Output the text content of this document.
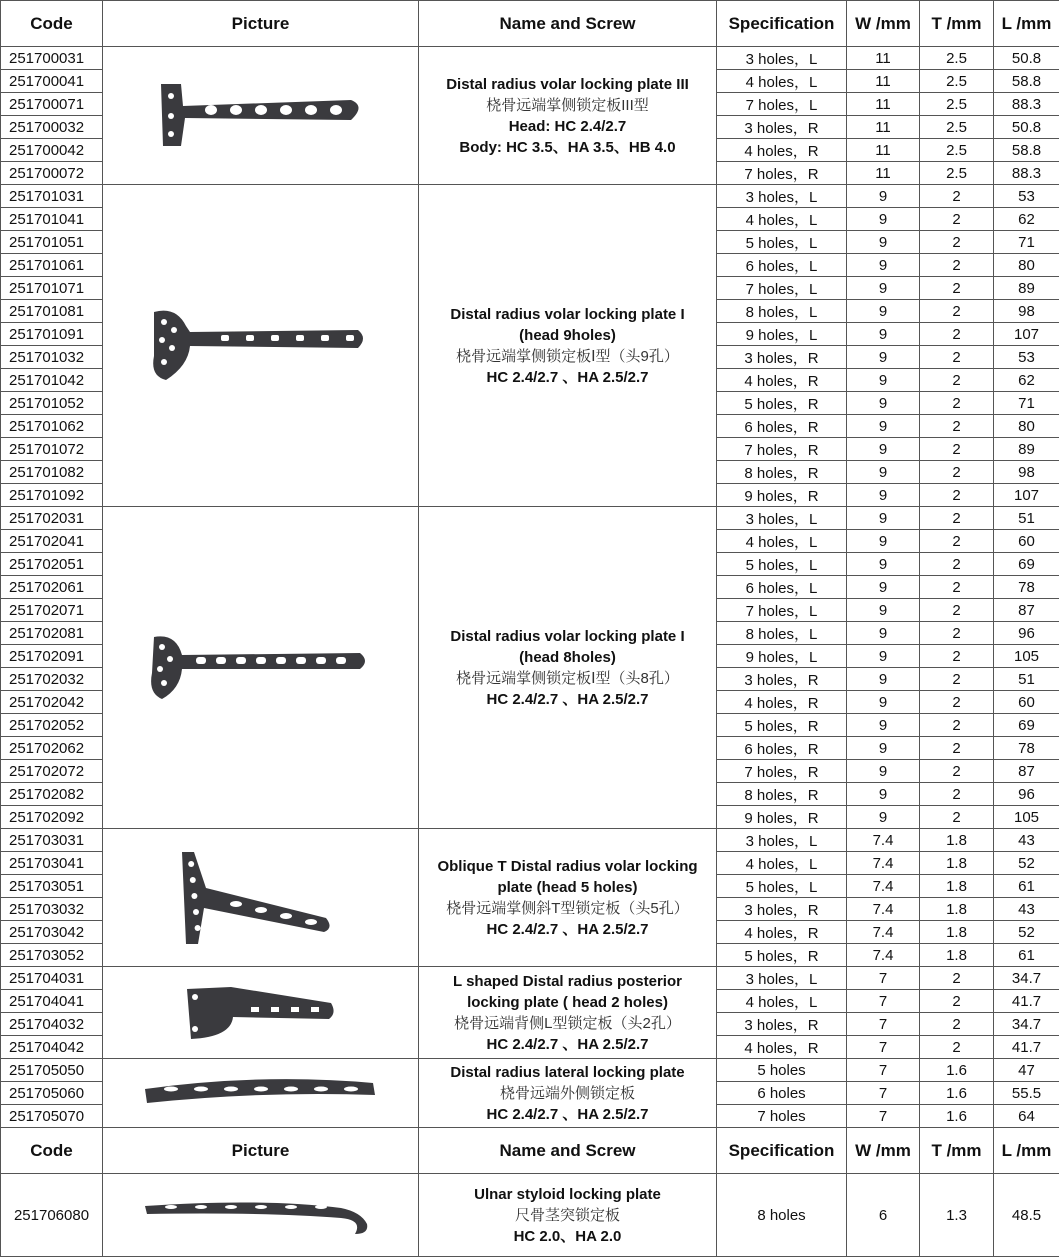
Code	Picture	Name and Screw	Specification	W /mm	T /mm	L /mm
251700031		Distal radius volar locking plate III
桡骨远端掌侧锁定板III型
Head: HC 2.4/2.7
Body: HC 3.5、HA 3.5、HB 4.0	3 holes，L	11	2.5	50.8
251700041			4 holes，L	11	2.5	58.8
251700071			7 holes，L	11	2.5	88.3
251700032			3 holes，R	11	2.5	50.8
251700042			4 holes，R	11	2.5	58.8
251700072			7 holes，R	11	2.5	88.3
251701031		Distal radius volar locking plate I
(head 9holes)
桡骨远端掌侧锁定板Ⅰ型（头9孔）
HC 2.4/2.7 、HA 2.5/2.7	3 holes，L	9	2	53
251701041			4 holes，L	9	2	62
251701051			5 holes，L	9	2	71
251701061			6 holes，L	9	2	80
251701071			7 holes，L	9	2	89
251701081			8 holes，L	9	2	98
251701091			9 holes，L	9	2	107
251701032			3 holes，R	9	2	53
251701042			4 holes，R	9	2	62
251701052			5 holes，R	9	2	71
251701062			6 holes，R	9	2	80
251701072			7 holes，R	9	2	89
251701082			8 holes，R	9	2	98
251701092			9 holes，R	9	2	107
251702031		Distal radius volar locking plate I
(head 8holes)
桡骨远端掌侧锁定板Ⅰ型（头8孔）
HC 2.4/2.7 、HA 2.5/2.7	3 holes，L	9	2	51
251702041			4 holes，L	9	2	60
251702051			5 holes，L	9	2	69
251702061			6 holes，L	9	2	78
251702071			7 holes，L	9	2	87
251702081			8 holes，L	9	2	96
251702091			9 holes，L	9	2	105
251702032			3 holes，R	9	2	51
251702042			4 holes，R	9	2	60
251702052			5 holes，R	9	2	69
251702062			6 holes，R	9	2	78
251702072			7 holes，R	9	2	87
251702082			8 holes，R	9	2	96
251702092			9 holes，R	9	2	105
251703031		Oblique T Distal radius volar locking
plate (head 5 holes)
桡骨远端掌侧斜T型锁定板（头5孔）
HC 2.4/2.7 、HA 2.5/2.7	3 holes，L	7.4	1.8	43
251703041			4 holes，L	7.4	1.8	52
251703051			5 holes，L	7.4	1.8	61
251703032			3 holes，R	7.4	1.8	43
251703042			4 holes，R	7.4	1.8	52
251703052			5 holes，R	7.4	1.8	61
251704031		L shaped Distal radius posterior
locking plate ( head 2 holes)
桡骨远端背侧L型锁定板（头2孔）
HC 2.4/2.7 、HA 2.5/2.7	3 holes，L	7	2	34.7
251704041			4 holes，L	7	2	41.7
251704032			3 holes，R	7	2	34.7
251704042			4 holes，R	7	2	41.7
251705050		Distal radius lateral locking plate
桡骨远端外侧锁定板
HC 2.4/2.7 、HA 2.5/2.7	5 holes	7	1.6	47
251705060			6 holes	7	1.6	55.5
251705070			7 holes	7	1.6	64
Code	Picture	Name and Screw	Specification	W /mm	T /mm	L /mm
251706080		Ulnar styloid locking plate
尺骨茎突锁定板
HC 2.0、HA 2.0	8 holes	6	1.3	48.5
